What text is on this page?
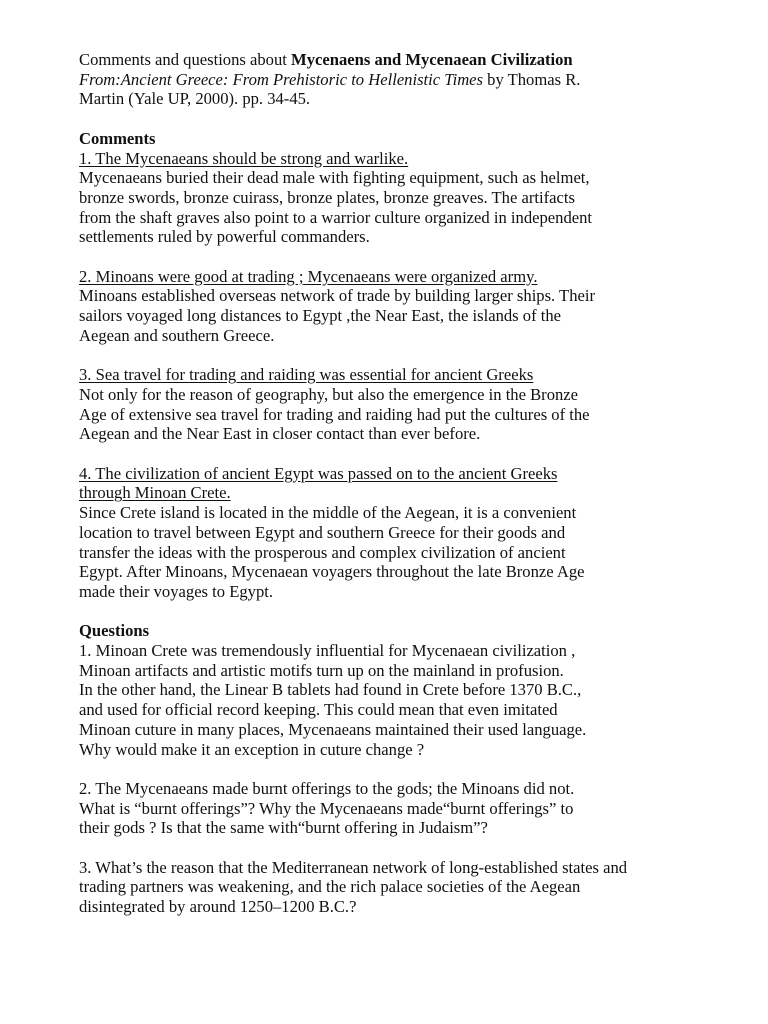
Comments and questions about Mycenaens and Mycenaean Civilization
From:Ancient Greece: From Prehistoric to Hellenistic Times by Thomas R.
Martin (Yale UP, 2000). pp. 34-45.
Comments
1. The Mycenaeans should be strong and warlike.
Mycenaeans buried their dead male with fighting equipment, such as helmet,
bronze swords, bronze cuirass, bronze plates, bronze greaves. The artifacts
from the shaft graves also point to a warrior culture organized in independent
settlements ruled by powerful commanders.
2. Minoans were good at trading ; Mycenaeans were organized army.
Minoans established overseas network of trade by building larger ships. Their
sailors voyaged long distances to Egypt ,the Near East, the islands of the
Aegean and southern Greece.
3. Sea travel for trading and raiding was essential for ancient Greeks
Not only for the reason of geography, but also the emergence in the Bronze
Age of extensive sea travel for trading and raiding had put the cultures of the
Aegean and the Near East in closer contact than ever before.
4. The civilization of ancient Egypt was passed on to the ancient Greeks
through Minoan Crete.
Since Crete island is located in the middle of the Aegean, it is a convenient
location to travel between Egypt and southern Greece for their goods and
transfer the ideas with the prosperous and complex civilization of ancient
Egypt. After Minoans, Mycenaean voyagers throughout the late Bronze Age
made their voyages to Egypt.
Questions
1. Minoan Crete was tremendously influential for Mycenaean civilization ,
Minoan artifacts and artistic motifs turn up on the mainland in profusion.
In the other hand, the Linear B tablets had found in Crete before 1370 B.C.,
and used for official record keeping. This could mean that even imitated
Minoan cuture in many places, Mycenaeans maintained their used language.
Why would make it an exception in cuture change ?
2. The Mycenaeans made burnt offerings to the gods; the Minoans did not.
What is “burnt offerings”? Why the Mycenaeans made“burnt offerings” to
their gods ? Is that the same with“burnt offering in Judaism”?
3. What’s the reason that the Mediterranean network of long-established states and
trading partners was weakening, and the rich palace societies of the Aegean
disintegrated by around 1250–1200 B.C.?
